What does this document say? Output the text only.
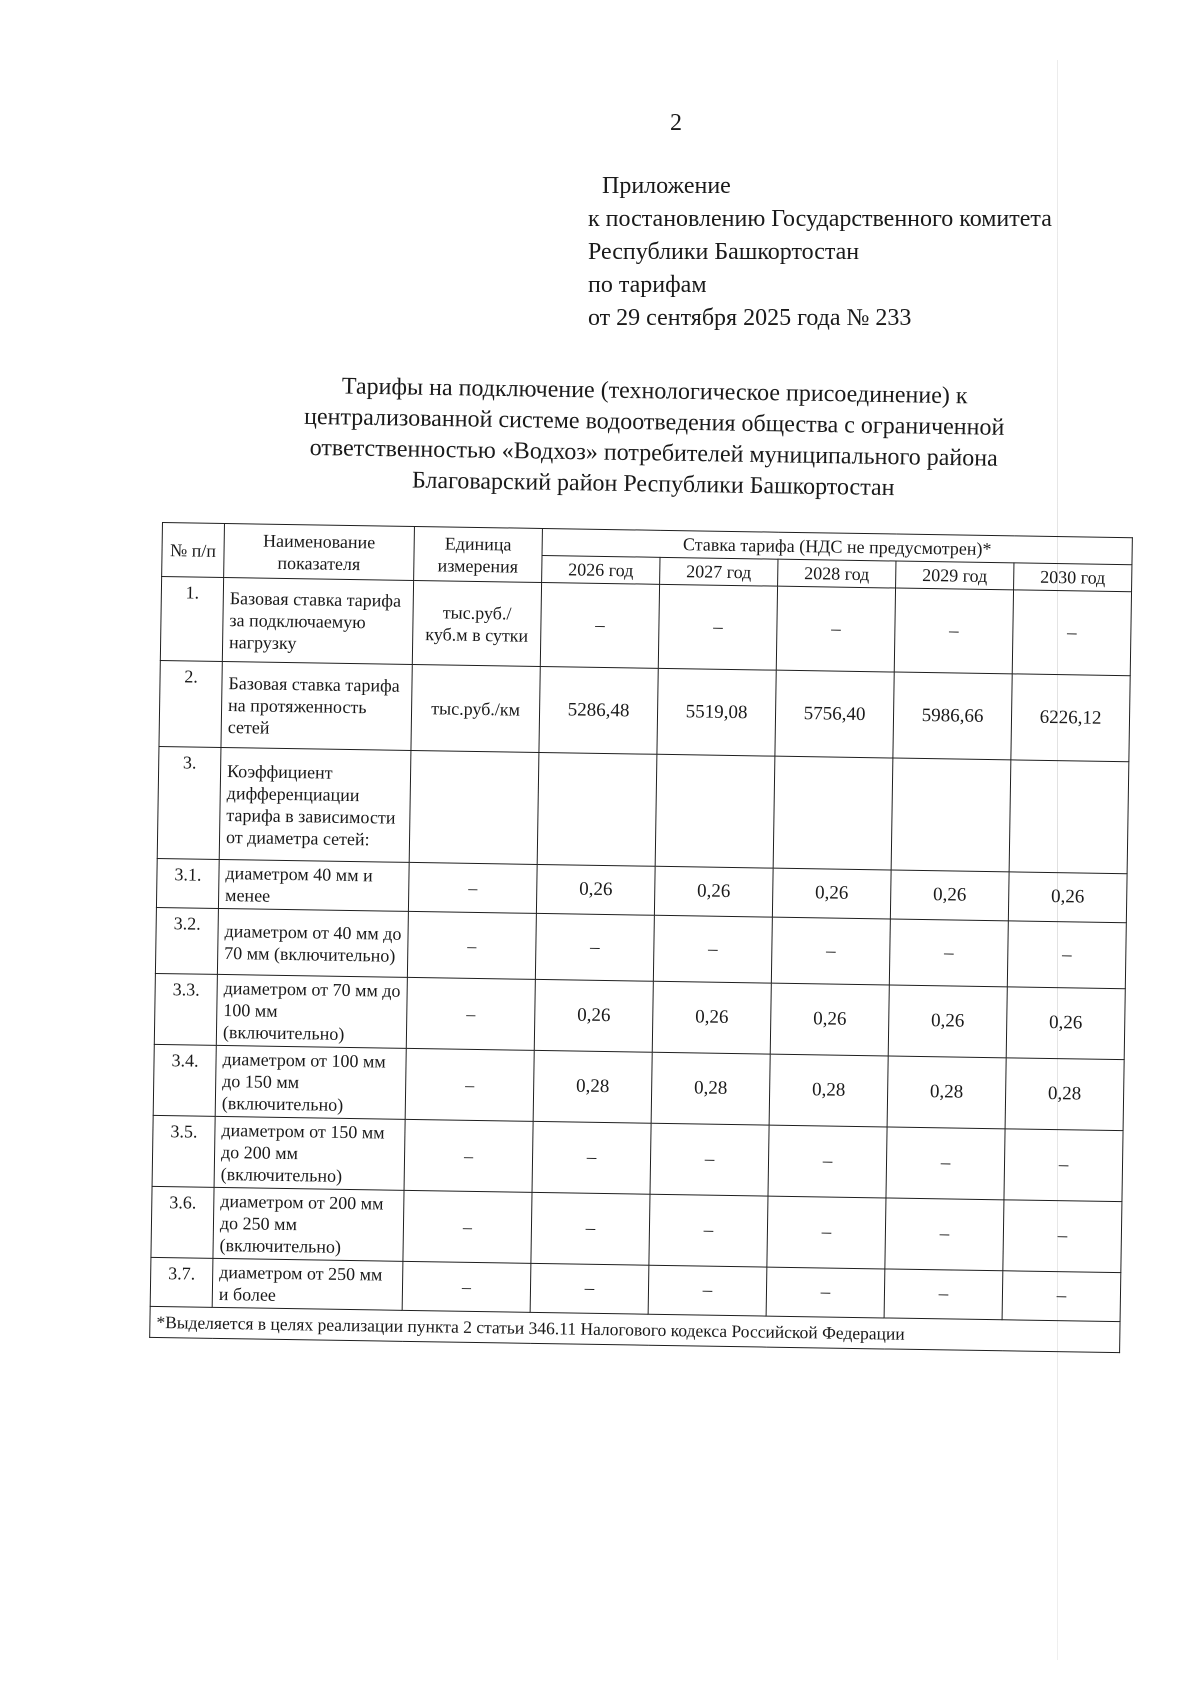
2
Приложение
к постановлению Государственного комитета
Республики Башкортостан
по тарифам
от 29 сентября 2025 года № 233
Тарифы на подключение (технологическое присоединение) к
централизованной системе водоотведения общества с ограниченной
ответственностью «Водхоз» потребителей муниципального района
Благоварский район Республики Башкортостан
№ п/п	Наименование показателя	Единица измерения	Ставка тарифа (НДС не предусмотрен)*				
			2026 год	2027 год	2028 год	2029 год	2030 год
1.	Базовая ставка тарифа за подключаемую нагрузку	тыс.руб./ куб.м в сутки	–	–	–	–	–
2.	Базовая ставка тарифа на протяженность сетей	тыс.руб./км	5286,48	5519,08	5756,40	5986,66	6226,12
3.	Коэффициент дифференциации тарифа в зависимости от диаметра сетей:						
3.1.	диаметром 40 мм и менее	–	0,26	0,26	0,26	0,26	0,26
3.2.	диаметром от 40 мм до 70 мм (включительно)	–	–	–	–	–	–
3.3.	диаметром от 70 мм до 100 мм (включительно)	–	0,26	0,26	0,26	0,26	0,26
3.4.	диаметром от 100 мм до 150 мм (включительно)	–	0,28	0,28	0,28	0,28	0,28
3.5.	диаметром от 150 мм до 200 мм (включительно)	–	–	–	–	–	–
3.6.	диаметром от 200 мм до 250 мм (включительно)	–	–	–	–	–	–
3.7.	диаметром от 250 мм и более	–	–	–	–	–	–
*Выделяется в целях реализации пункта 2 статьи 346.11 Налогового кодекса Российской Федерации							
